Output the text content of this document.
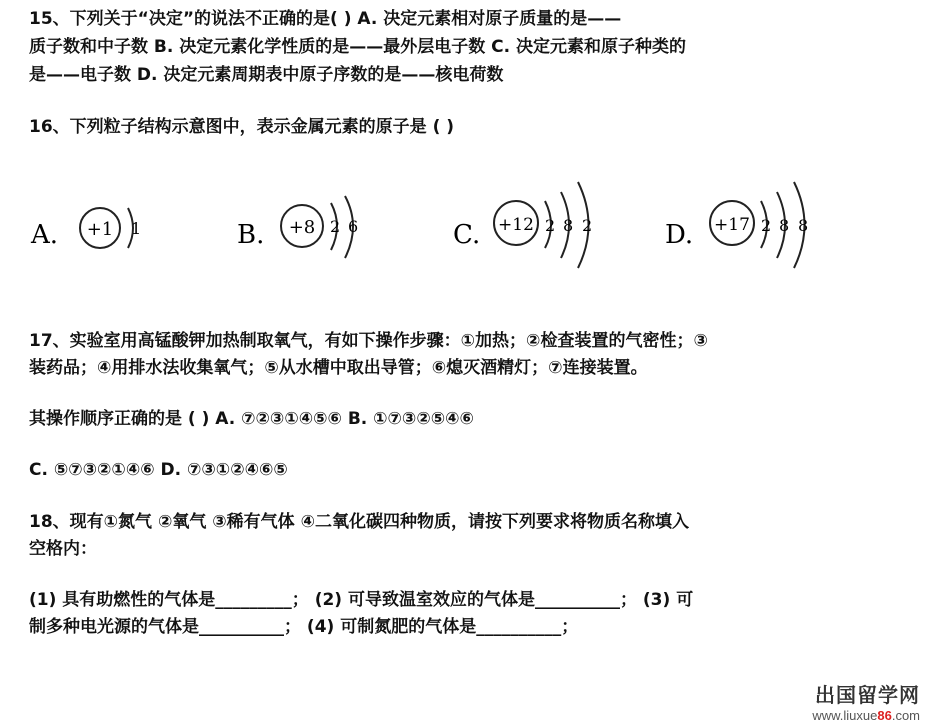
15、下列关于“决定”的说法不正确的是( ) A. 决定元素相对原子质量的是——
质子数和中子数 B. 决定元素化学性质的是——最外层电子数 C. 决定元素和原子种类的
是——电子数 D. 决定元素周期表中原子序数的是——核电荷数
16、下列粒子结构示意图中，表示金属元素的原子是 ( )
A. +1 1	B. +8 2 6	C. +12 2 8 2	D. +17 2 8 8
17、实验室用高锰酸钾加热制取氧气，有如下操作步骤：①加热；②检查装置的气密性；③
装药品；④用排水法收集氧气；⑤从水槽中取出导管；⑥熄灭酒精灯；⑦连接装置。
其操作顺序正确的是 ( ) A. ⑦②③①④⑤⑥ B. ①⑦③②⑤④⑥
C. ⑤⑦③②①④⑥ D. ⑦③①②④⑥⑤
18、现有①氮气 ②氧气 ③稀有气体 ④二氧化碳四种物质，请按下列要求将物质名称填入
空格内：
(1) 具有助燃性的气体是_________； (2) 可导致温室效应的气体是__________； (3) 可
制多种电光源的气体是__________； (4) 可制氮肥的气体是__________；
出国留学网
www.liuxue86.com
